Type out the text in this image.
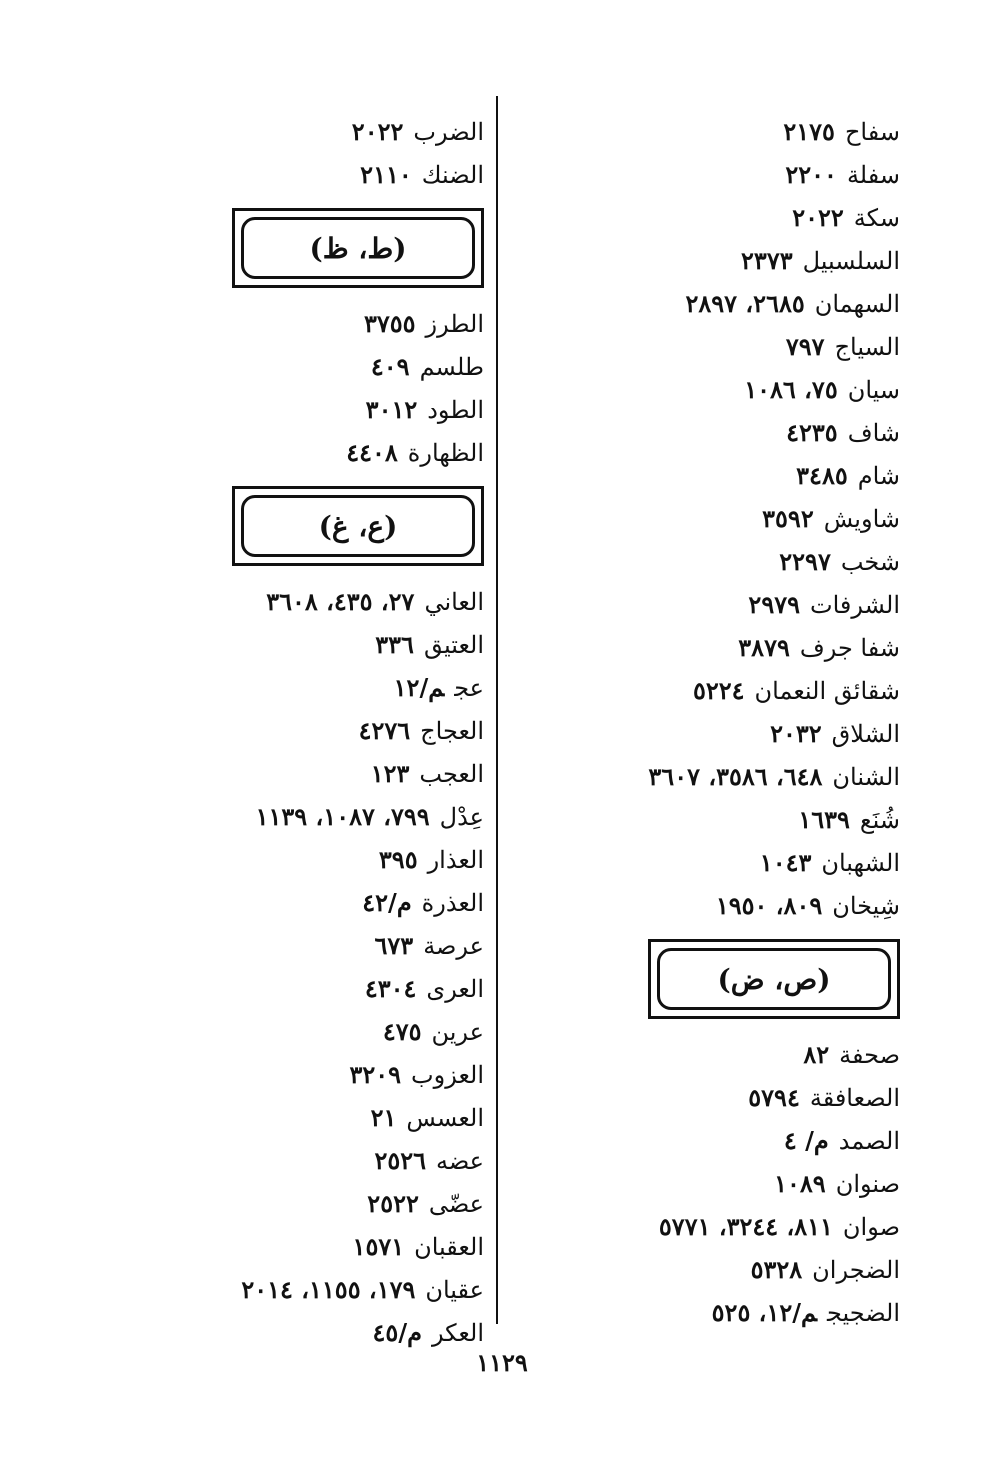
سفاح٢١٧٥
سفلة٢٢٠٠
سكة٢٠٢٢
السلسبيل٢٣٧٣
السهمان٢٦٨٥، ٢٨٩٧
السياج٧٩٧
سيان٧٥، ١٠٨٦
شاف٤٢٣٥
شام٣٤٨٥
شاويش٣٥٩٢
شخب٢٢٩٧
الشرفات٢٩٧٩
شفا جرف٣٨٧٩
شقائق النعمان٥٢٢٤
الشلاق٢٠٣٢
الشنان٦٤٨، ٣٥٨٦، ٣٦٠٧
شُنَع١٦٣٩
الشهبان١٠٤٣
شِيخان٨٠٩، ١٩٥٠
(ص، ض)
صحفة٨٢
الصعافقة٥٧٩٤
الصمدم/ ٤
صنوان١٠٨٩
صوان٨١١، ٣٢٤٤، ٥٧٧١
الضجران٥٣٢٨
الضجيجم/١٢، ٥٢٥
الضرب٢٠٢٢
الضنك٢١١٠
(ط، ظ)
الطرز٣٧٥٥
طلسم٤٠٩
الطود٣٠١٢
الظهارة٤٤٠٨
(ع، غ)
العاني٢٧، ٤٣٥، ٣٦٠٨
العتيق٣٣٦
عجم/١٢
العجاج٤٢٧٦
العجب١٢٣
عِدْل٧٩٩، ١٠٨٧، ١١٣٩
العذار٣٩٥
العذرةم/٤٢
عرصة٦٧٣
العرى٤٣٠٤
عرين٤٧٥
العزوب٣٢٠٩
العسس٢١
عضه٢٥٢٦
عضّى٢٥٢٢
العقبان١٥٧١
عقيان١٧٩، ١١٥٥، ٢٠١٤
العكرم/٤٥
١١٢٩
